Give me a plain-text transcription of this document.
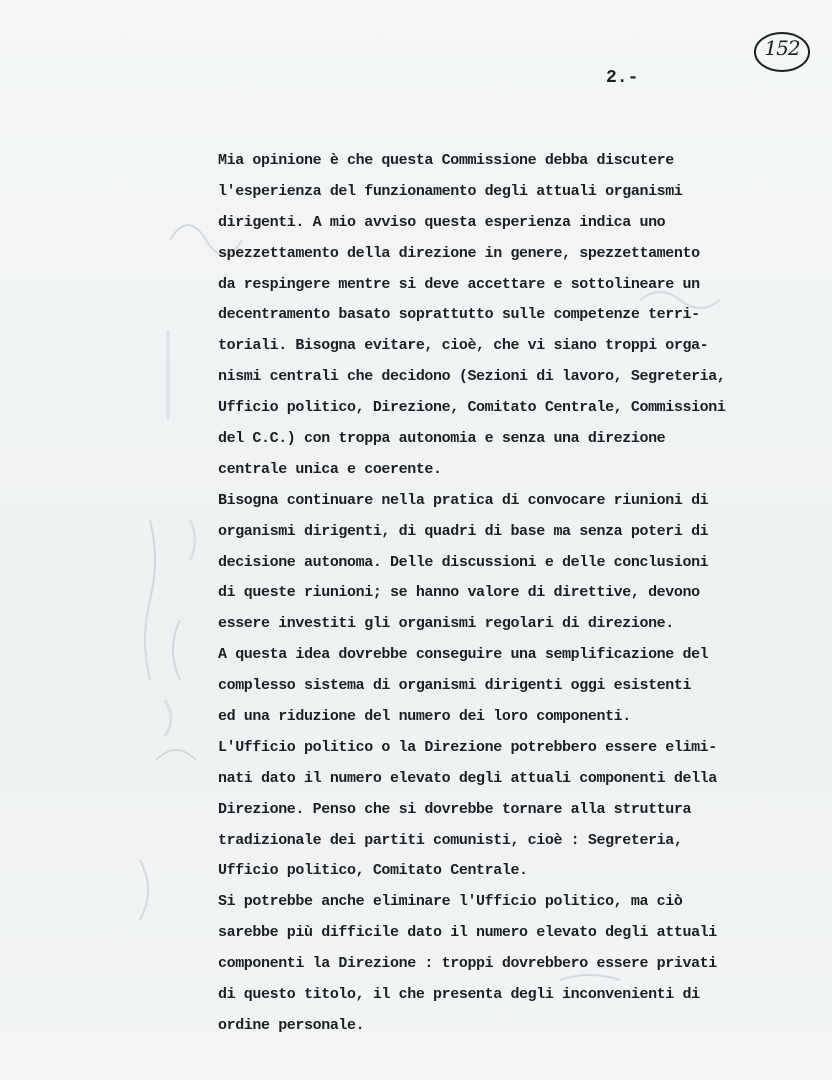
152
2.-
Mia opinione è che questa Commissione debba discutere
l'esperienza del funzionamento degli attuali organismi
dirigenti. A mio avviso questa esperienza indica uno
spezzettamento della direzione in genere, spezzettamento
da respingere mentre si deve accettare e sottolineare un
decentramento basato soprattutto sulle competenze terri-
toriali. Bisogna evitare, cioè, che vi siano troppi orga-
nismi centrali che decidono (Sezioni di lavoro, Segreteria,
Ufficio politico, Direzione, Comitato Centrale, Commissioni
del C.C.) con troppa autonomia e senza una direzione
centrale unica e coerente.
Bisogna continuare nella pratica di convocare riunioni di
organismi dirigenti, di quadri di base ma senza poteri di
decisione autonoma. Delle discussioni e delle conclusioni
di queste riunioni; se hanno valore di direttive, devono
essere investiti gli organismi regolari di direzione.
A questa idea dovrebbe conseguire una semplificazione del
complesso sistema di organismi dirigenti oggi esistenti
ed una riduzione del numero dei loro componenti.
L'Ufficio politico o la Direzione potrebbero essere elimi-
nati dato il numero elevato degli attuali componenti della
Direzione. Penso che si dovrebbe tornare alla struttura
tradizionale dei partiti comunisti, cioè : Segreteria,
Ufficio politico, Comitato Centrale.
Si potrebbe anche eliminare l'Ufficio politico, ma ciò
sarebbe più difficile dato il numero elevato degli attuali
componenti la Direzione : troppi dovrebbero essere privati
di questo titolo, il che presenta degli inconvenienti di
ordine personale.
